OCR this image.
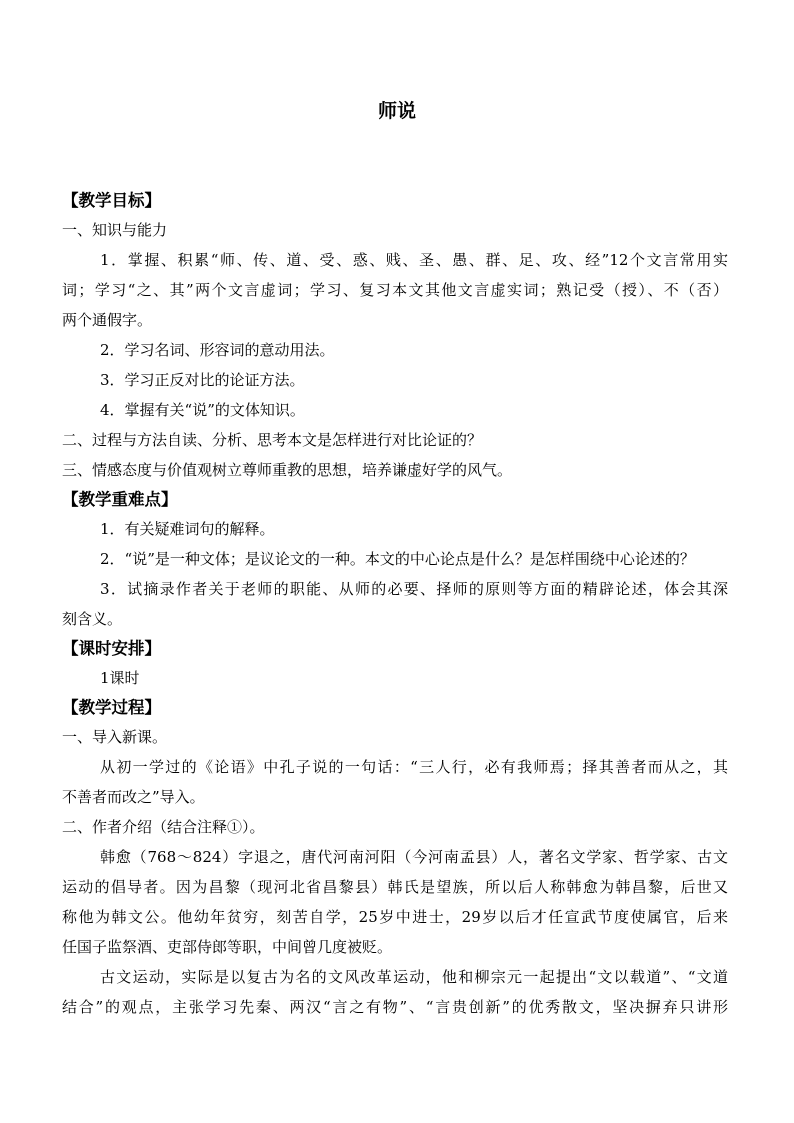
师说
【教学目标】
一、知识与能力
1．掌握、积累“师、传、道、受、惑、贱、圣、愚、群、足、攻、经”12个文言常用实
词；学习“之、其”两个文言虚词；学习、复习本文其他文言虚实词；熟记受（授）、不（否）
两个通假字。
2．学习名词、形容词的意动用法。
3．学习正反对比的论证方法。
4．掌握有关“说”的文体知识。
二、过程与方法自读、分析、思考本文是怎样进行对比论证的？
三、情感态度与价值观树立尊师重教的思想，培养谦虚好学的风气。
【教学重难点】
1．有关疑难词句的解释。
2．“说”是一种文体；是议论文的一种。本文的中心论点是什么？是怎样围绕中心论述的？
3．试摘录作者关于老师的职能、从师的必要、择师的原则等方面的精辟论述，体会其深
刻含义。
【课时安排】
1课时
【教学过程】
一、导入新课。
从初一学过的《论语》中孔子说的一句话：“三人行，必有我师焉；择其善者而从之，其
不善者而改之”导入。
二、作者介绍（结合注释①）。
韩愈（768～824）字退之，唐代河南河阳（今河南孟县）人，著名文学家、哲学家、古文
运动的倡导者。因为昌黎（现河北省昌黎县）韩氏是望族，所以后人称韩愈为韩昌黎，后世又
称他为韩文公。他幼年贫穷，刻苦自学，25岁中进士，29岁以后才任宣武节度使属官，后来
任国子监祭酒、吏部侍郎等职，中间曾几度被贬。
古文运动，实际是以复古为名的文风改革运动，他和柳宗元一起提出“文以载道”、“文道
结合”的观点，主张学习先秦、两汉“言之有物”、“言贵创新”的优秀散文，坚决摒弃只讲形
